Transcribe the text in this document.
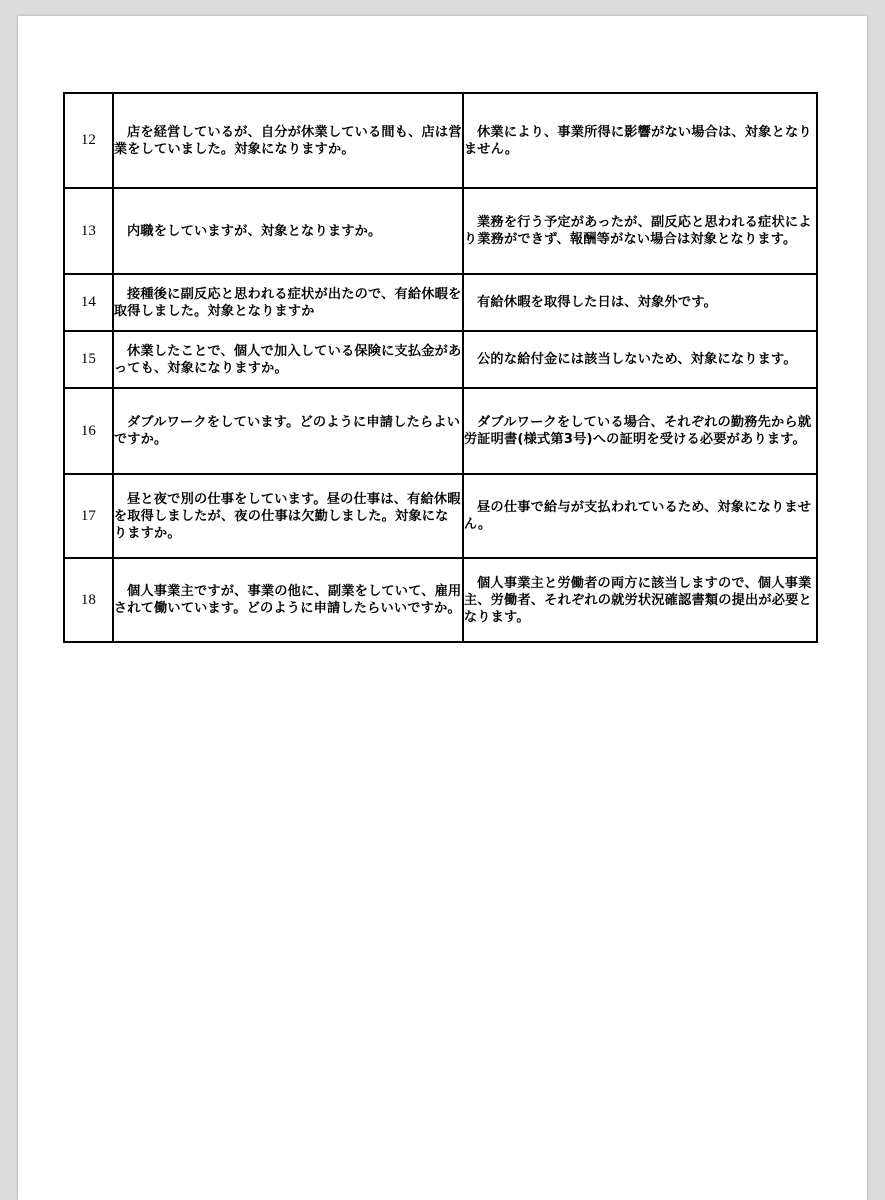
12	店を経営しているが、自分が休業している間も、店は営業をしていました。対象になりますか。	休業により、事業所得に影響がない場合は、対象となりません。
13	内職をしていますが、対象となりますか。	業務を行う予定があったが、副反応と思われる症状により業務ができず、報酬等がない場合は対象となります。
14	接種後に副反応と思われる症状が出たので、有給休暇を取得しました。対象となりますか	有給休暇を取得した日は、対象外です。
15	休業したことで、個人で加入している保険に支払金があっても、対象になりますか。	公的な給付金には該当しないため、対象になります。
16	ダブルワークをしています。どのように申請したらよいですか。	ダブルワークをしている場合、それぞれの勤務先から就労証明書(様式第3号)への証明を受ける必要があります。
17	昼と夜で別の仕事をしています。昼の仕事は、有給休暇を取得しましたが、夜の仕事は欠勤しました。対象になりますか。	昼の仕事で給与が支払われているため、対象になりません。
18	個人事業主ですが、事業の他に、副業をしていて、雇用されて働いています。どのように申請したらいいですか。	個人事業主と労働者の両方に該当しますので、個人事業主、労働者、それぞれの就労状況確認書類の提出が必要となります。
